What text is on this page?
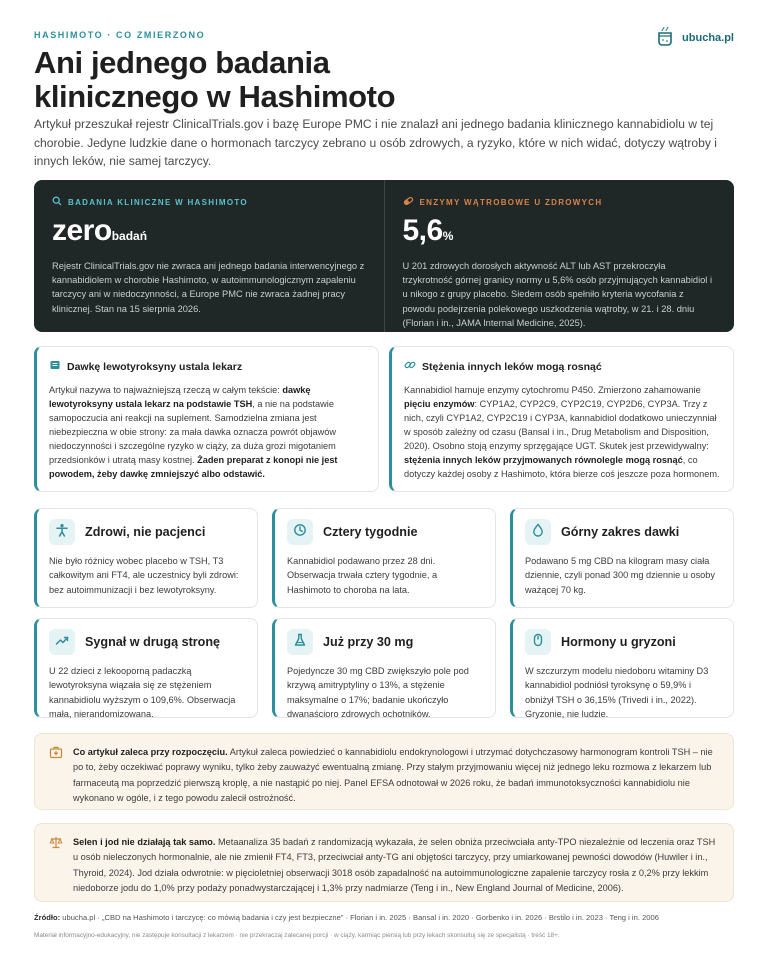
HASHIMOTO · CO ZMIERZONO	ubucha.pl
Ani jednego badania klinicznego w Hashimoto
Artykuł przeszukał rejestr ClinicalTrials.gov i bazę Europe PMC i nie znalazł ani jednego badania klinicznego kannabidiolu w tej chorobie. Jedyne ludzkie dane o hormonach tarczycy zebrano u osób zdrowych, a ryzyko, które w nich widać, dotyczy wątroby i innych leków, nie samej tarczycy.
BADANIA KLINICZNE W HASHIMOTO
zerobadań
Rejestr ClinicalTrials.gov nie zwraca ani jednego badania interwencyjnego z kannabidiolem w chorobie Hashimoto, w autoimmunologicznym zapaleniu tarczycy ani w niedoczynności, a Europe PMC nie zwraca żadnej pracy klinicznej. Stan na 15 sierpnia 2026.
ENZYMY WĄTROBOWE U ZDROWYCH
5,6%
U 201 zdrowych dorosłych aktywność ALT lub AST przekroczyła trzykrotność górnej granicy normy u 5,6% osób przyjmujących kannabidiol i u nikogo z grupy placebo. Siedem osób spełniło kryteria wycofania z powodu podejrzenia polekowego uszkodzenia wątroby, w 21. i 28. dniu (Florian i in., JAMA Internal Medicine, 2025).
Dawkę lewotyroksyny ustala lekarz
Artykuł nazywa to najważniejszą rzeczą w całym tekście: dawkę lewotyroksyny ustala lekarz na podstawie TSH, a nie na podstawie samopoczucia ani reakcji na suplement. Samodzielna zmiana jest niebezpieczna w obie strony: za mała dawka oznacza powrót objawów niedoczynności i szczególne ryzyko w ciąży, za duża grozi migotaniem przedsionków i utratą masy kostnej. Żaden preparat z konopi nie jest powodem, żeby dawkę zmniejszyć albo odstawić.
Stężenia innych leków mogą rosnąć
Kannabidiol hamuje enzymy cytochromu P450. Zmierzono zahamowanie pięciu enzymów: CYP1A2, CYP2C9, CYP2C19, CYP2D6, CYP3A. Trzy z nich, czyli CYP1A2, CYP2C19 i CYP3A, kannabidiol dodatkowo unieczynniał w sposób zależny od czasu (Bansal i in., Drug Metabolism and Disposition, 2020). Osobno stoją enzymy sprzęgające UGT. Skutek jest przewidywalny: stężenia innych leków przyjmowanych równolegle mogą rosnąć, co dotyczy każdej osoby z Hashimoto, która bierze coś jeszcze poza hormonem.
Zdrowi, nie pacjenci
Nie było różnicy wobec placebo w TSH, T3 całkowitym ani FT4, ale uczestnicy byli zdrowi: bez autoimmunizacji i bez lewotyroksyny.
Cztery tygodnie
Kannabidiol podawano przez 28 dni. Obserwacja trwała cztery tygodnie, a Hashimoto to choroba na lata.
Górny zakres dawki
Podawano 5 mg CBD na kilogram masy ciała dziennie, czyli ponad 300 mg dziennie u osoby ważącej 70 kg.
Sygnał w drugą stronę
U 22 dzieci z lekooporną padaczką lewotyroksyna wiązała się ze stężeniem kannabidiolu wyższym o 109,6%. Obserwacja mała, nierandomizowana.
Już przy 30 mg
Pojedyncze 30 mg CBD zwiększyło pole pod krzywą amitryptyliny o 13%, a stężenie maksymalne o 17%; badanie ukończyło dwanaściorо zdrowych ochotników.
Hormony u gryzoni
W szczurzym modelu niedoboru witaminy D3 kannabidiol podniósł tyroksynę o 59,9% i obniżył TSH o 36,15% (Trivedi i in., 2022). Gryzonie, nie ludzie.
Co artykuł zaleca przy rozpoczęciu. Artykuł zaleca powiedzieć o kannabidiolu endokrynologowi i utrzymać dotychczasowy harmonogram kontroli TSH – nie po to, żeby oczekiwać poprawy wyniku, tylko żeby zauważyć ewentualną zmianę. Przy stałym przyjmowaniu więcej niż jednego leku rozmowa z lekarzem lub farmaceutą ma poprzedzić pierwszą kroplę, a nie nastąpić po niej. Panel EFSA odnotował w 2026 roku, że badań immunotoksyczności kannabidiolu nie wykonano w ogóle, i z tego powodu zalecił ostrożność.
Selen i jod nie działają tak samo. Metaanaliza 35 badań z randomizacją wykazała, że selen obniża przeciwciała anty-TPO niezależnie od leczenia oraz TSH u osób nieleczonych hormonalnie, ale nie zmienił FT4, FT3, przeciwciał anty-TG ani objętości tarczycy, przy umiarkowanej pewności dowodów (Huwiler i in., Thyroid, 2024). Jod działa odwrotnie: w pięcioletniej obserwacji 3018 osób zapadalność na autoimmunologiczne zapalenie tarczycy rosła z 0,2% przy lekkim niedoborze jodu do 1,0% przy podaży ponadwystarczającej i 1,3% przy nadmiarze (Teng i in., New England Journal of Medicine, 2006).
Źródło: ubucha.pl · „CBD na Hashimoto i tarczycę: co mówią badania i czy jest bezpieczne” · Florian i in. 2025 · Bansal i in. 2020 · Gorbenko i in. 2026 · Brstilo i in. 2023 · Teng i in. 2006
Materiał informacyjno-edukacyjny, nie zastępuje konsultacji z lekarzem · nie przekraczaj zalecanej porcji · w ciąży, karmiąc piersią lub przy lekach skonsultuj się ze specjalistą · treść 18+.
